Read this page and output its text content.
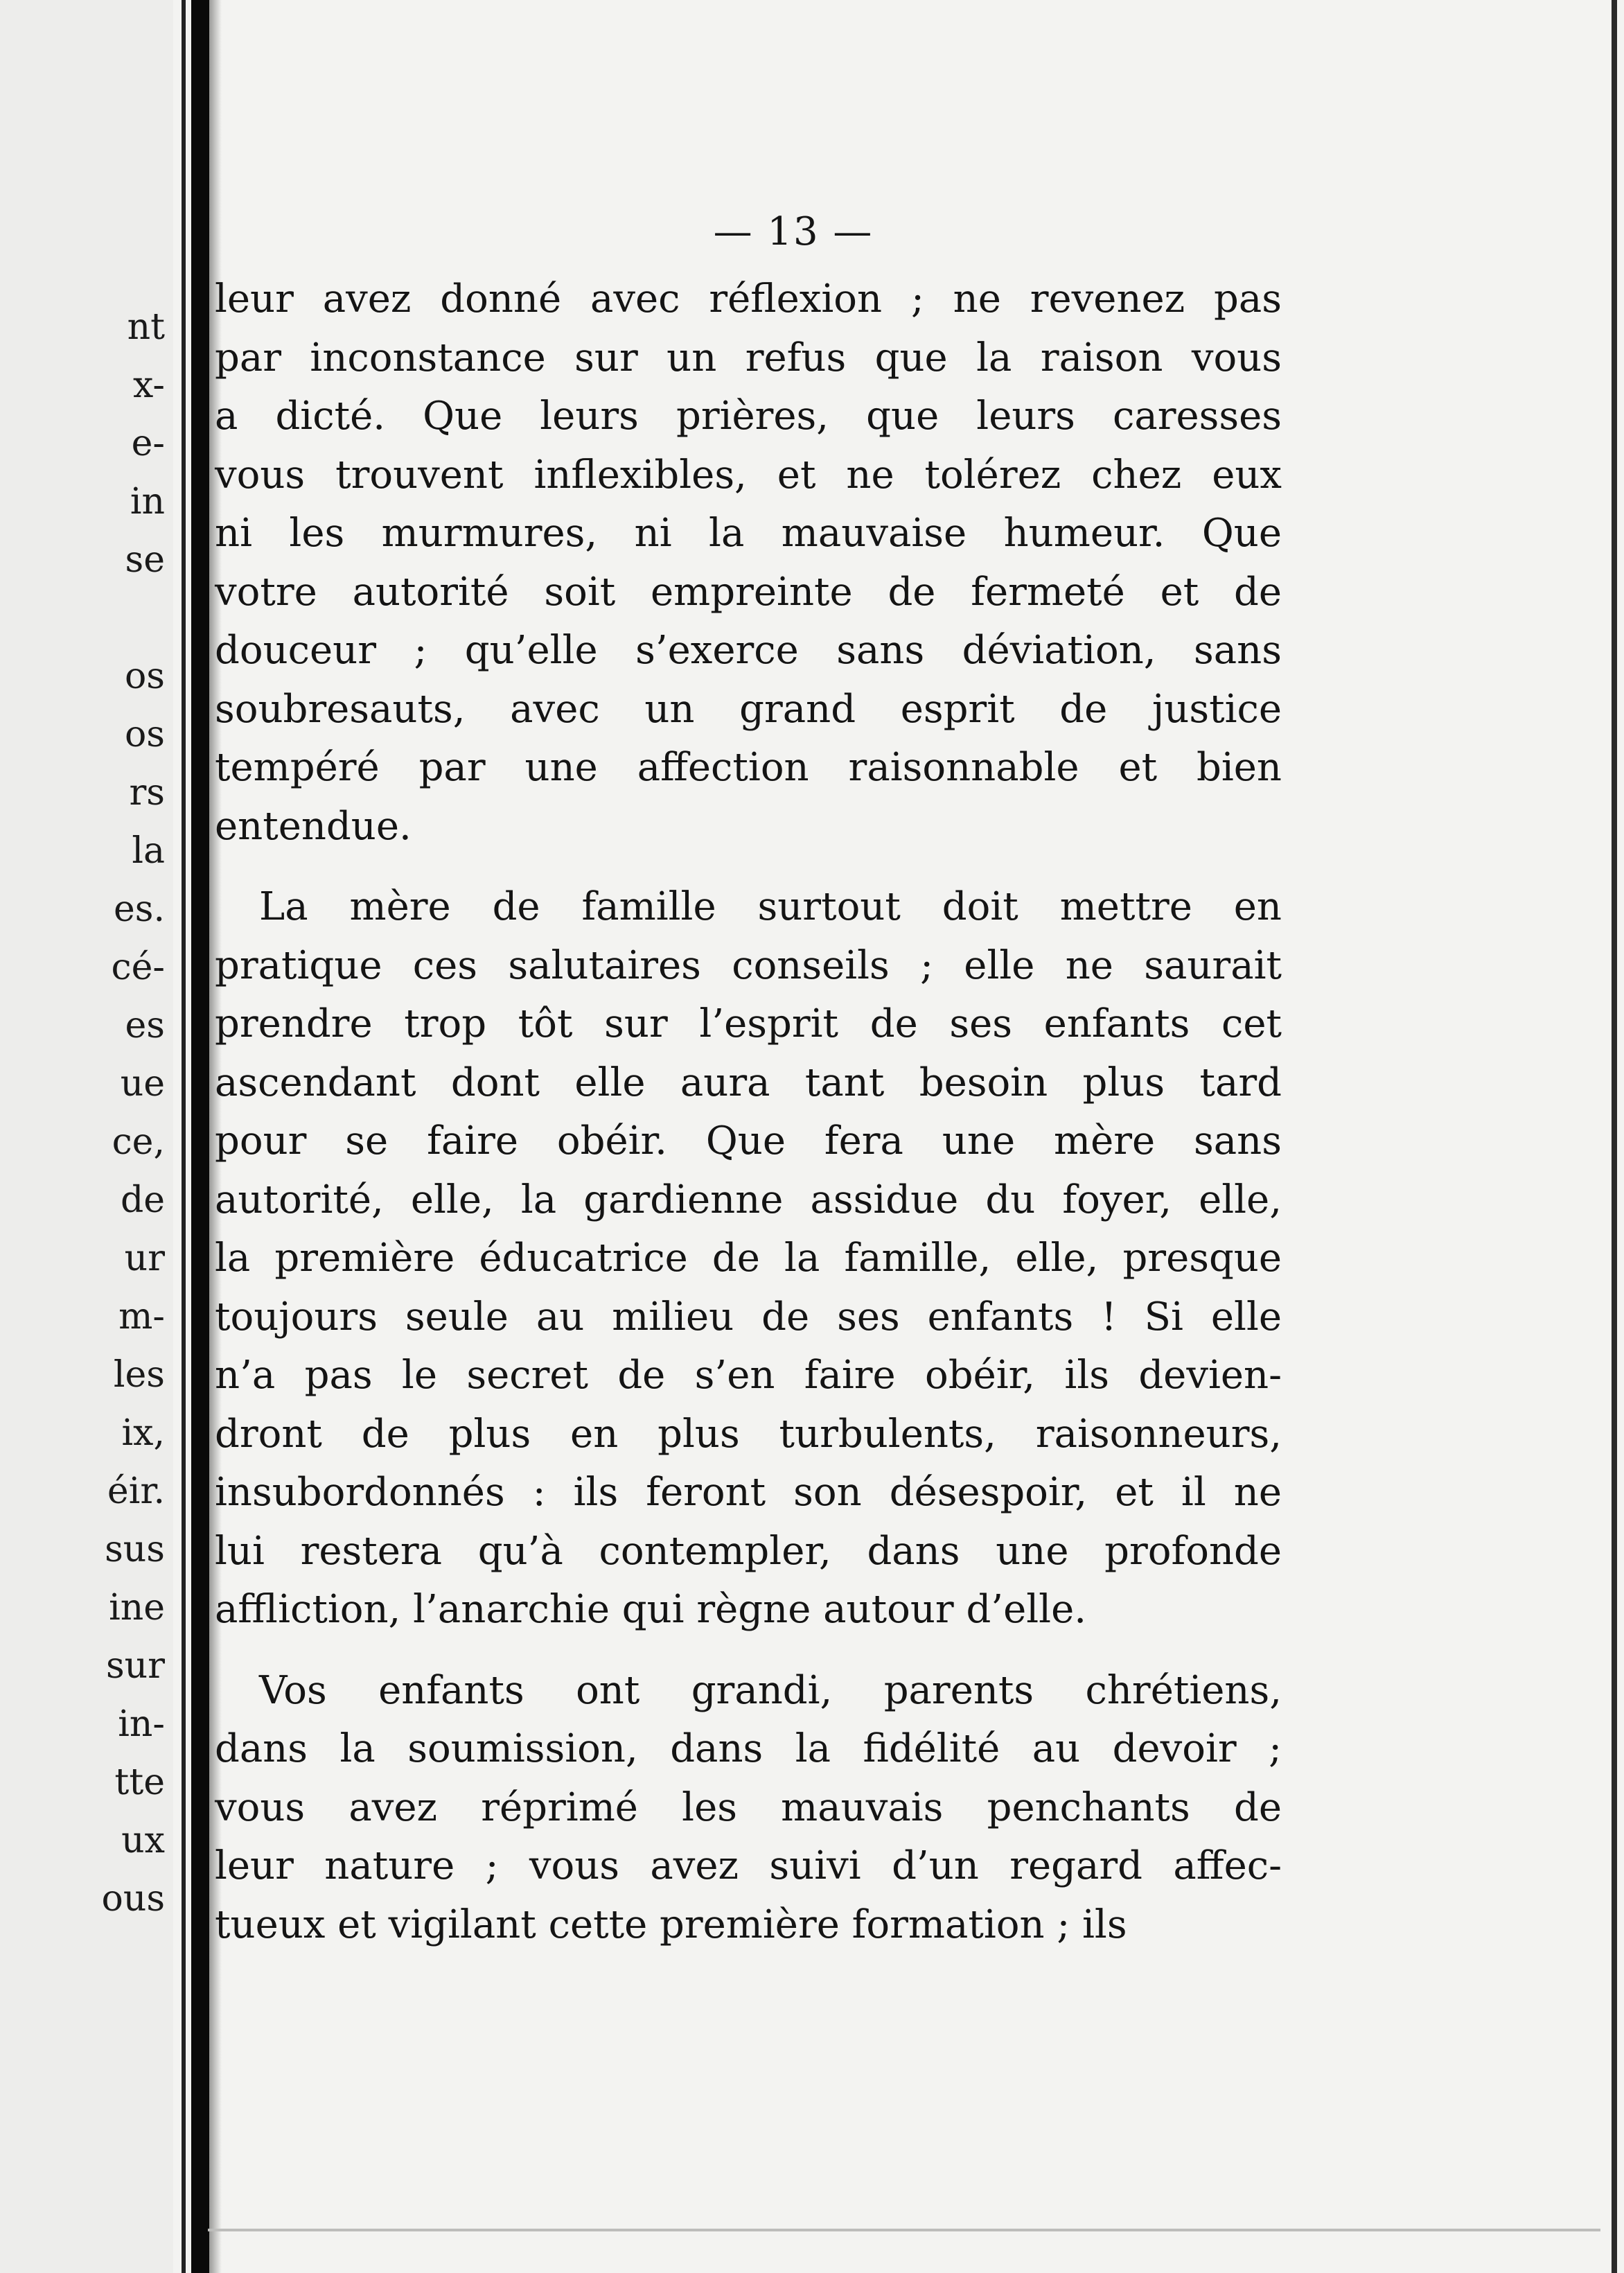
nt
x-
e-
in
se
os
os
rs
la
es.
cé-
es
ue
ce,
de
ur
m-
les
ix,
éir.
sus
ine
sur
in-
tte
ux
ous
— 13 —
leur avez donné avec réflexion ; ne revenez pas
par inconstance sur un refus que la raison vous
a dicté. Que leurs prières, que leurs caresses
vous trouvent inflexibles, et ne tolérez chez eux
ni les murmures, ni la mauvaise humeur. Que
votre autorité soit empreinte de fermeté et de
douceur ; qu’elle s’exerce sans déviation, sans
soubresauts, avec un grand esprit de justice
tempéré par une affection raisonnable et bien
entendue.
La mère de famille surtout doit mettre en
pratique ces salutaires conseils ; elle ne saurait
prendre trop tôt sur l’esprit de ses enfants cet
ascendant dont elle aura tant besoin plus tard
pour se faire obéir. Que fera une mère sans
autorité, elle, la gardienne assidue du foyer, elle,
la première éducatrice de la famille, elle, presque
toujours seule au milieu de ses enfants ! Si elle
n’a pas le secret de s’en faire obéir, ils devien-
dront de plus en plus turbulents, raisonneurs,
insubordonnés : ils feront son désespoir, et il ne
lui restera qu’à contempler, dans une profonde
affliction, l’anarchie qui règne autour d’elle.
Vos enfants ont grandi, parents chrétiens,
dans la soumission, dans la fidélité au devoir ;
vous avez réprimé les mauvais penchants de
leur nature ; vous avez suivi d’un regard affec-
tueux et vigilant cette première formation ; ils
